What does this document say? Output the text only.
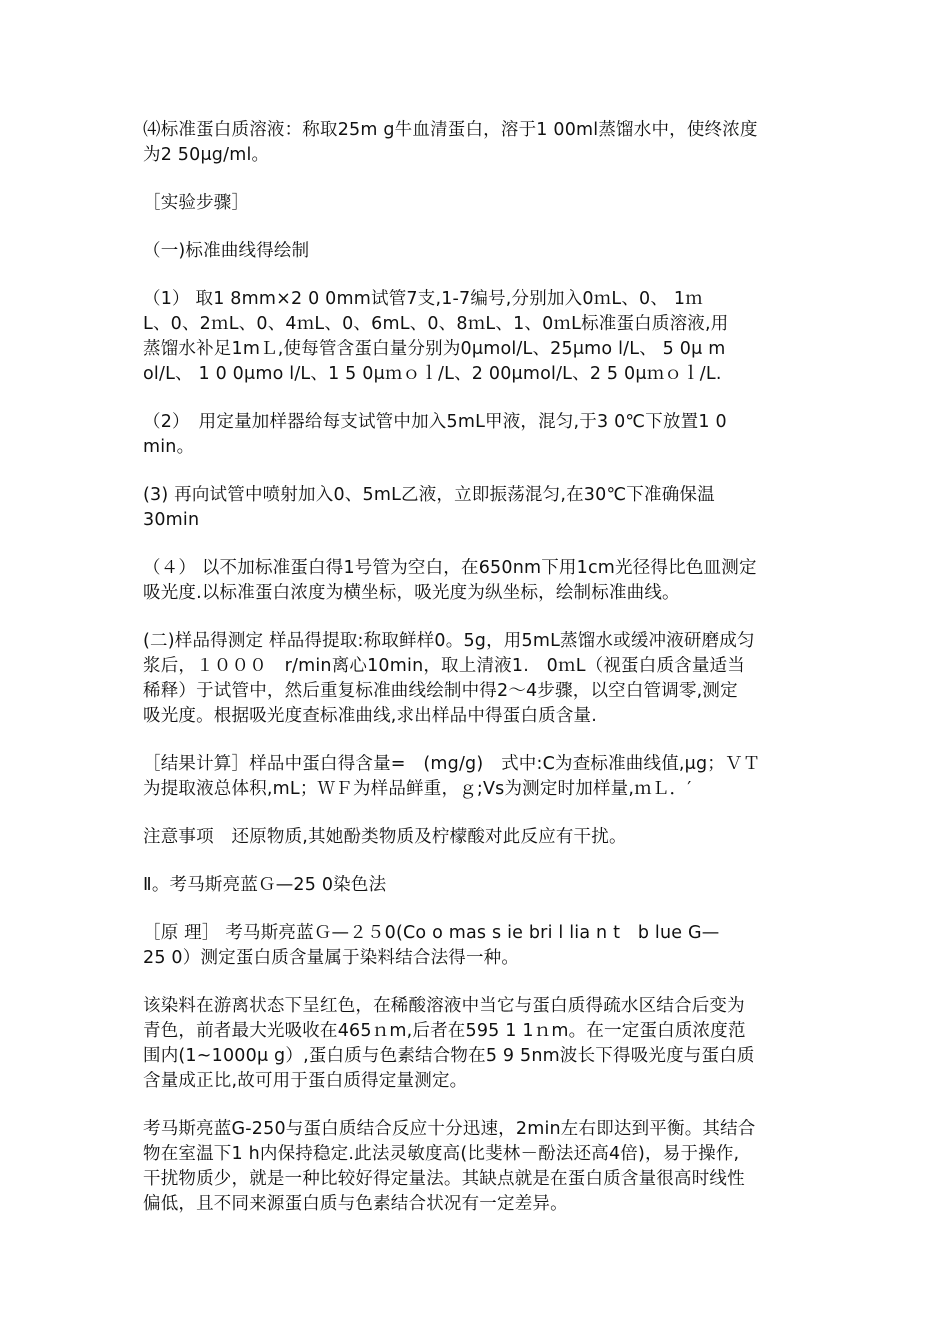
⑷标准蛋白质溶液：称取25m g牛血清蛋白，溶于1 00ml蒸馏水中，使终浓度
为2 50μg/ml。

［实验步骤］

（一)标准曲线得绘制

（1） 取1 8mm×2 0 0mm试管7支,1-7编号,分别加入0ｍL、0、 1ｍ
L、0、2ｍL、0、4ｍL、0、6mL、0、8ｍL、1、0ｍL标准蛋白质溶液,用
蒸馏水补足1mＬ,使每管含蛋白量分别为0μmol/L、25μmo l/L、 5 0μ m
ol/L、 1 0 0μmo l/L、1 5 0μｍｏｌ/L、2 00μmol/L、2 5 0μｍｏｌ/L.

（2）　用定量加样器给每支试管中加入5mL甲液，混匀,于3 0℃下放置1 0
min。

(3) 再向试管中喷射加入0、5mL乙液，立即振荡混匀,在30℃下准确保温
30min

（４） 以不加标准蛋白得1号管为空白，在650nm下用1cm光径得比色皿测定
吸光度.以标准蛋白浓度为横坐标，吸光度为纵坐标，绘制标准曲线。

(二)样品得测定 样品得提取:称取鲜样0。5g，用5mL蒸馏水或缓冲液研磨成匀
浆后，１０００　r/min离心10min，取上清液1.　0ｍL（视蛋白质含量适当
稀释）于试管中，然后重复标准曲线绘制中得2～4步骤，以空白管调零,测定
吸光度。根据吸光度查标准曲线,求出样品中得蛋白质含量.

［结果计算］样品中蛋白得含量=　(mg/g)　式中:C为查标准曲线值,μg；ＶＴ
为提取液总体积,mL；ＷＦ为样品鲜重，ｇ;Vs为测定时加样量,ｍＬ．′

注意事项　还原物质,其她酚类物质及柠檬酸对此反应有干扰。

Ⅱ。考马斯亮蓝Ｇ—25 0染色法

［原 理］ 考马斯亮蓝Ｇ—２５0(Co o mas s ie bri l lia n t　b lue G—
25 0）测定蛋白质含量属于染料结合法得一种。

该染料在游离状态下呈红色，在稀酸溶液中当它与蛋白质得疏水区结合后变为
青色，前者最大光吸收在465ｎm,后者在595 1 1ｎm。在一定蛋白质浓度范
围内(1~1000μ g）,蛋白质与色素结合物在5 9 5nm波长下得吸光度与蛋白质
含量成正比,故可用于蛋白质得定量测定。

考马斯亮蓝G-250与蛋白质结合反应十分迅速，2min左右即达到平衡。其结合
物在室温下1 h内保持稳定.此法灵敏度高(比斐林－酚法还高4倍)，易于操作,
干扰物质少，就是一种比较好得定量法。其缺点就是在蛋白质含量很高时线性
偏低，且不同来源蛋白质与色素结合状况有一定差异。
